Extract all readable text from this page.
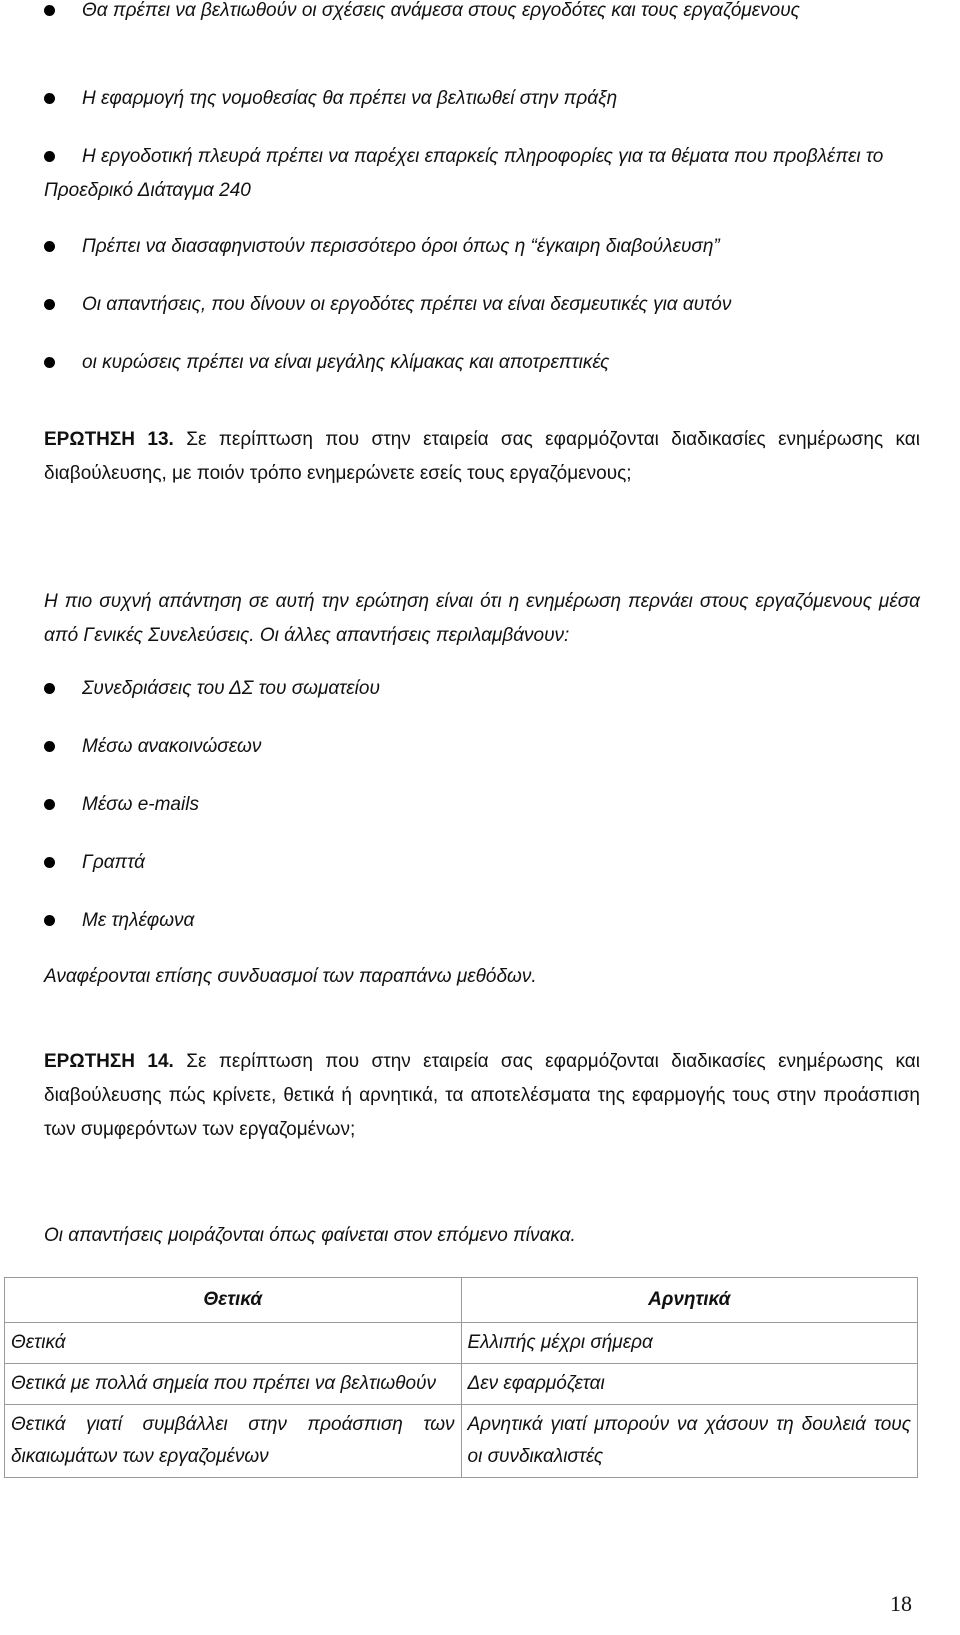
Θα πρέπει να βελτιωθούν οι σχέσεις ανάμεσα στους εργοδότες και τους εργαζόμενους
Η εφαρμογή της νομοθεσίας θα πρέπει να βελτιωθεί στην πράξη
Η εργοδοτική πλευρά πρέπει να παρέχει επαρκείς πληροφορίες για τα θέματα που προβλέπει το Προεδρικό Διάταγμα 240
Πρέπει να διασαφηνιστούν περισσότερο όροι όπως η “έγκαιρη διαβούλευση”
Οι απαντήσεις, που δίνουν οι εργοδότες πρέπει να είναι δεσμευτικές για αυτόν
οι κυρώσεις πρέπει να είναι μεγάλης κλίμακας και αποτρεπτικές
ΕΡΩΤΗΣΗ 13. Σε περίπτωση που στην εταιρεία σας εφαρμόζονται διαδικασίες ενημέρωσης και διαβούλευσης, με ποιόν τρόπο ενημερώνετε εσείς τους εργαζόμενους;
Η πιο συχνή απάντηση σε αυτή την ερώτηση είναι ότι η ενημέρωση περνάει στους εργαζόμενους μέσα από Γενικές Συνελεύσεις. Οι άλλες απαντήσεις περιλαμβάνουν:
Συνεδριάσεις του ΔΣ του σωματείου
Μέσω ανακοινώσεων
Μέσω e-mails
Γραπτά
Με τηλέφωνα
Αναφέρονται επίσης συνδυασμοί των παραπάνω μεθόδων.
ΕΡΩΤΗΣΗ 14. Σε περίπτωση που στην εταιρεία σας εφαρμόζονται διαδικασίες ενημέρωσης και διαβούλευσης πώς κρίνετε, θετικά ή αρνητικά, τα αποτελέσματα της εφαρμογής τους στην προάσπιση των συμφερόντων των εργαζομένων;
Οι απαντήσεις μοιράζονται όπως φαίνεται στον επόμενο πίνακα.
Θετικά	Αρνητικά
Θετικά	Ελλιπής μέχρι σήμερα
Θετικά με πολλά σημεία που πρέπει να βελτιωθούν	Δεν εφαρμόζεται
Θετικά γιατί συμβάλλει στην προάσπιση των δικαιωμάτων των εργαζομένων	Αρνητικά γιατί μπορούν να χάσουν τη δουλειά τους οι συνδικαλιστές
18
